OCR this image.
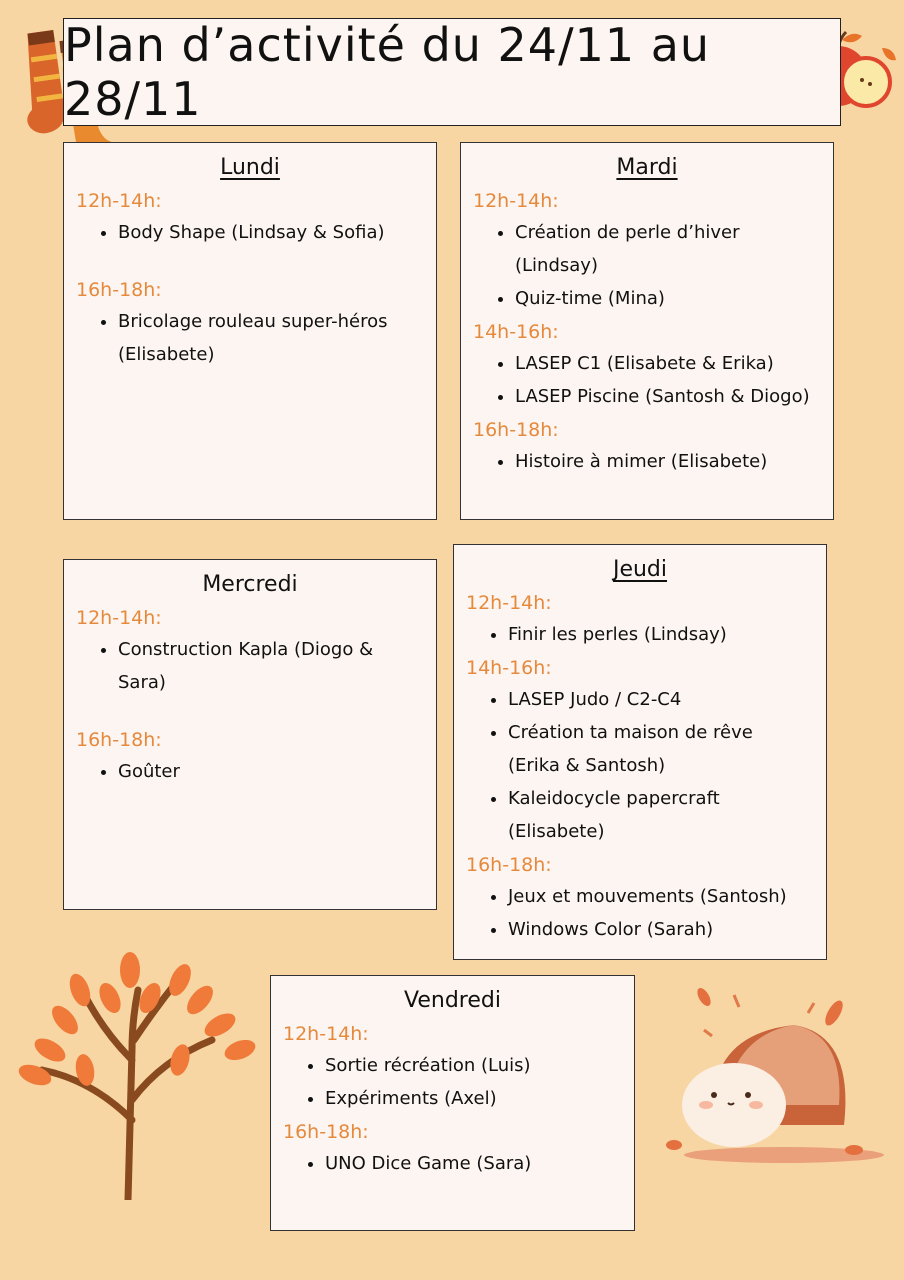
Plan d’activité du 24/11 au 28/11
Lundi
12h-14h:
• Body Shape (Lindsay & Sofia)
16h-18h:
• Bricolage rouleau super-héros (Elisabete)
Mardi
12h-14h:
• Création de perle d’hiver (Lindsay)
• Quiz-time (Mina)
14h-16h:
• LASEP C1 (Elisabete & Erika)
• LASEP Piscine (Santosh & Diogo)
16h-18h:
• Histoire à mimer (Elisabete)
Mercredi
12h-14h:
• Construction Kapla (Diogo & Sara)
16h-18h:
• Goûter
Jeudi
12h-14h:
• Finir les perles (Lindsay)
14h-16h:
• LASEP Judo / C2-C4
• Création ta maison de rêve (Erika & Santosh)
• Kaleidocycle papercraft (Elisabete)
16h-18h:
• Jeux et mouvements (Santosh)
• Windows Color (Sarah)
Vendredi
12h-14h:
• Sortie récréation (Luis)
• Expériments (Axel)
16h-18h:
• UNO Dice Game (Sara)
